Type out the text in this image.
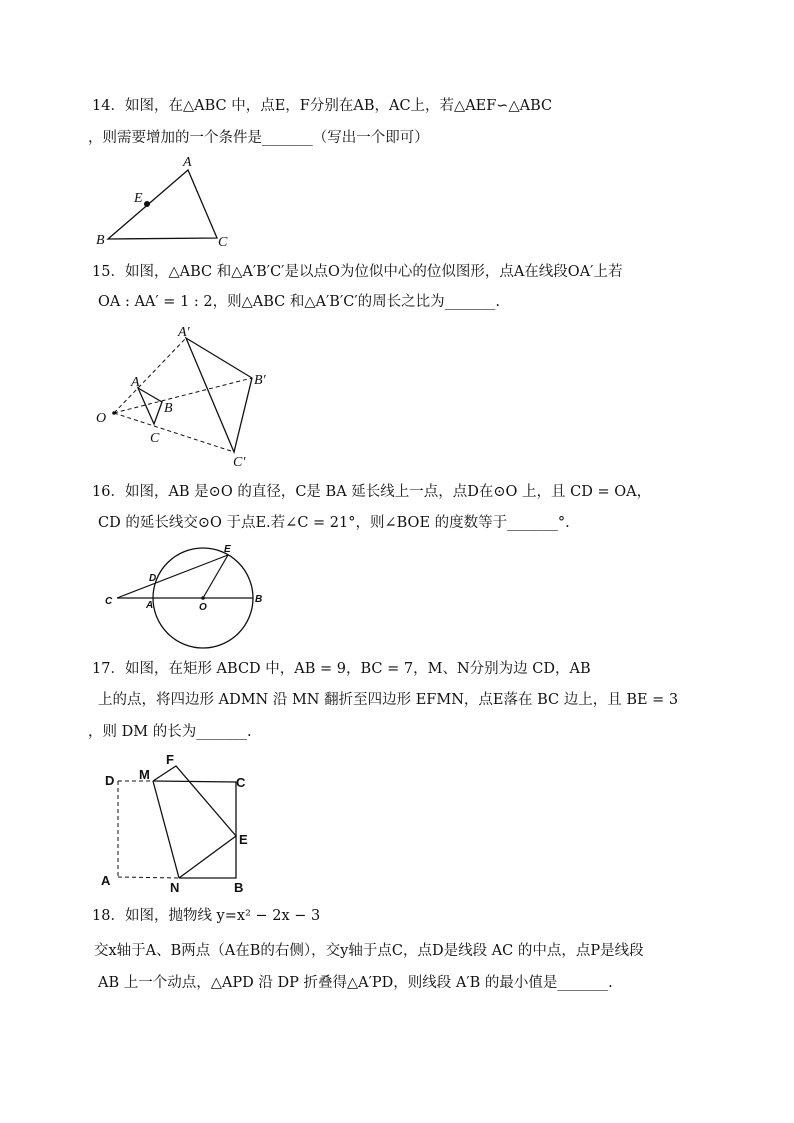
14．如图，在△ABC 中，点E，F分别在AB，AC上，若△AEF∽△ABC
，则需要增加的一个条件是_______（写出一个即可）
A
E
B	C
15．如图，△ABC 和△A′B′C′是以点O为位似中心的位似图形，点A在线段OA′上若
OA : AA′ = 1 : 2，则△ABC 和△A′B′C′的周长之比为_______.
A′
B′
C′
A
B
C
O
16．如图，AB 是⊙O 的直径，C是 BA 延长线上一点，点D在⊙O 上，且 CD = OA，
CD 的延长线交⊙O 于点E.若∠C = 21°，则∠BOE 的度数等于_______°.
E
D
C	A	O
B
17．如图，在矩形 ABCD 中，AB = 9，BC = 7，M、N分别为边 CD，AB
上的点，将四边形 ADMN 沿 MN 翻折至四边形 EFMN，点E落在 BC 边上，且 BE = 3
，则 DM 的长为_______.
F
D M
C
E
A	N	B
18．如图，抛物线 y=x² − 2x − 3
交x轴于A、B两点（A在B的右侧），交y轴于点C，点D是线段 AC 的中点，点P是线段
AB 上一个动点，△APD 沿 DP 折叠得△A′PD，则线段 A′B 的最小值是_______.
